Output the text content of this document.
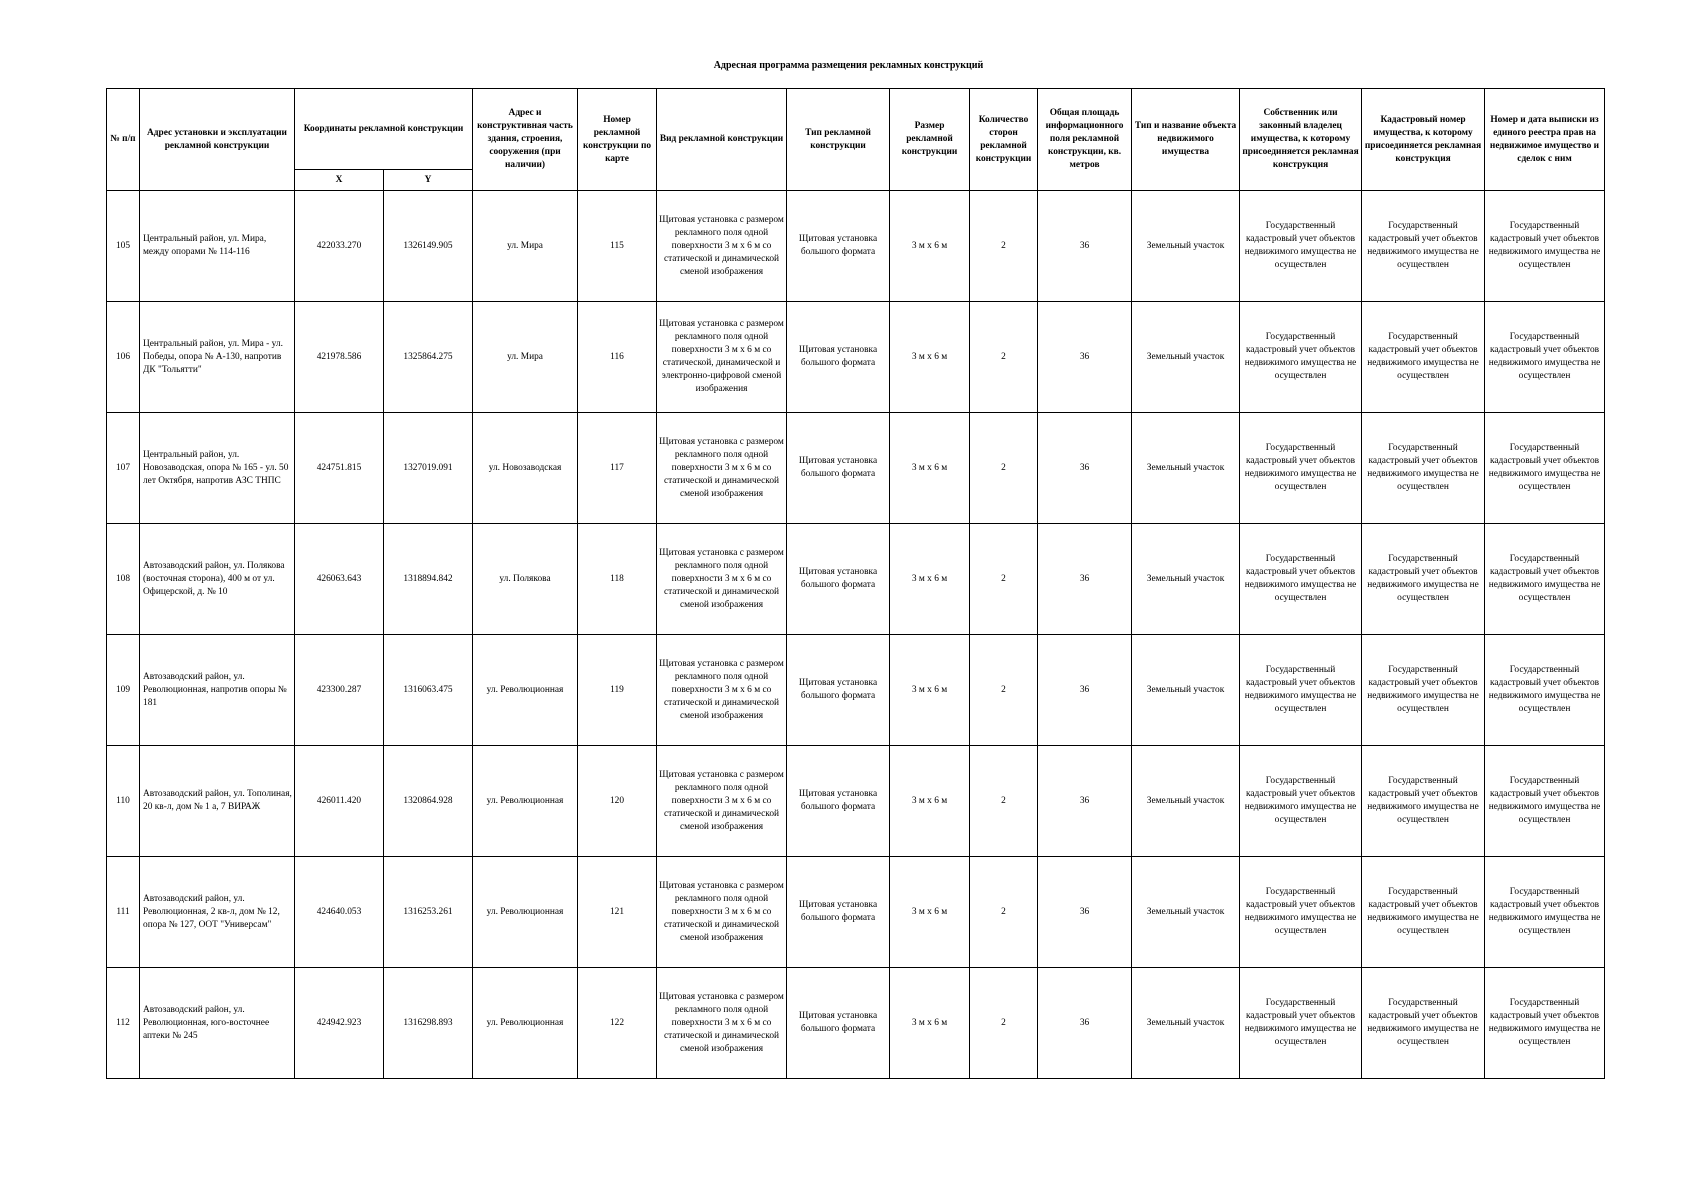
Адресная программа размещения рекламных конструкций
№ п/п	Адрес установки и эксплуатации рекламной конструкции	Координаты рекламной конструкции		Адрес и конструктивная часть здания, строения, сооружения (при наличии)	Номер рекламной конструкции по карте	Вид рекламной конструкции	Тип рекламной конструкции	Размер рекламной конструкции	Количество сторон рекламной конструкции	Общая площадь информационного поля рекламной конструкции, кв. метров	Тип и название объекта недвижимого имущества	Собственник или законный владелец имущества, к которому присоединяется рекламная конструкция	Кадастровый номер имущества, к которому присоединяется рекламная конструкция	Номер и дата выписки из единого реестра прав на недвижимое имущество и сделок с ним
		X	Y											
105	Центральный район, ул. Мира, между опорами № 114-116	422033.270	1326149.905	ул. Мира	115	Щитовая установка с размером рекламного поля одной поверхности 3 м х 6 м со статической и динамической сменой изображения	Щитовая установка большого формата	3 м х 6 м	2	36	Земельный участок	Государственный кадастровый учет объектов недвижимого имущества не осуществлен	Государственный кадастровый учет объектов недвижимого имущества не осуществлен	Государственный кадастровый учет объектов недвижимого имущества не осуществлен
106	Центральный район, ул. Мира - ул. Победы, опора № А-130, напротив ДК "Тольятти"	421978.586	1325864.275	ул. Мира	116	Щитовая установка с размером рекламного поля одной поверхности 3 м х 6 м со статической, динамической и электронно-цифровой сменой изображения	Щитовая установка большого формата	3 м х 6 м	2	36	Земельный участок	Государственный кадастровый учет объектов недвижимого имущества не осуществлен	Государственный кадастровый учет объектов недвижимого имущества не осуществлен	Государственный кадастровый учет объектов недвижимого имущества не осуществлен
107	Центральный район, ул. Новозаводская, опора № 165 - ул. 50 лет Октября, напротив АЗС ТНПС	424751.815	1327019.091	ул. Новозаводская	117	Щитовая установка с размером рекламного поля одной поверхности 3 м х 6 м со статической и динамической сменой изображения	Щитовая установка большого формата	3 м х 6 м	2	36	Земельный участок	Государственный кадастровый учет объектов недвижимого имущества не осуществлен	Государственный кадастровый учет объектов недвижимого имущества не осуществлен	Государственный кадастровый учет объектов недвижимого имущества не осуществлен
108	Автозаводский район, ул. Полякова (восточная сторона), 400 м от ул. Офицерской, д. № 10	426063.643	1318894.842	ул. Полякова	118	Щитовая установка с размером рекламного поля одной поверхности 3 м х 6 м со статической и динамической сменой изображения	Щитовая установка большого формата	3 м х 6 м	2	36	Земельный участок	Государственный кадастровый учет объектов недвижимого имущества не осуществлен	Государственный кадастровый учет объектов недвижимого имущества не осуществлен	Государственный кадастровый учет объектов недвижимого имущества не осуществлен
109	Автозаводский район, ул. Революционная, напротив опоры № 181	423300.287	1316063.475	ул. Революционная	119	Щитовая установка с размером рекламного поля одной поверхности 3 м х 6 м со статической и динамической сменой изображения	Щитовая установка большого формата	3 м х 6 м	2	36	Земельный участок	Государственный кадастровый учет объектов недвижимого имущества не осуществлен	Государственный кадастровый учет объектов недвижимого имущества не осуществлен	Государственный кадастровый учет объектов недвижимого имущества не осуществлен
110	Автозаводский район, ул. Тополиная, 20 кв-л, дом № 1 а, 7 ВИРАЖ	426011.420	1320864.928	ул. Революционная	120	Щитовая установка с размером рекламного поля одной поверхности 3 м х 6 м со статической и динамической сменой изображения	Щитовая установка большого формата	3 м х 6 м	2	36	Земельный участок	Государственный кадастровый учет объектов недвижимого имущества не осуществлен	Государственный кадастровый учет объектов недвижимого имущества не осуществлен	Государственный кадастровый учет объектов недвижимого имущества не осуществлен
111	Автозаводский район, ул. Революционная, 2 кв-л, дом № 12, опора № 127, ООТ "Универсам"	424640.053	1316253.261	ул. Революционная	121	Щитовая установка с размером рекламного поля одной поверхности 3 м х 6 м со статической и динамической сменой изображения	Щитовая установка большого формата	3 м х 6 м	2	36	Земельный участок	Государственный кадастровый учет объектов недвижимого имущества не осуществлен	Государственный кадастровый учет объектов недвижимого имущества не осуществлен	Государственный кадастровый учет объектов недвижимого имущества не осуществлен
112	Автозаводский район, ул. Революционная, юго-восточнее аптеки № 245	424942.923	1316298.893	ул. Революционная	122	Щитовая установка с размером рекламного поля одной поверхности 3 м х 6 м со статической и динамической сменой изображения	Щитовая установка большого формата	3 м х 6 м	2	36	Земельный участок	Государственный кадастровый учет объектов недвижимого имущества не осуществлен	Государственный кадастровый учет объектов недвижимого имущества не осуществлен	Государственный кадастровый учет объектов недвижимого имущества не осуществлен
